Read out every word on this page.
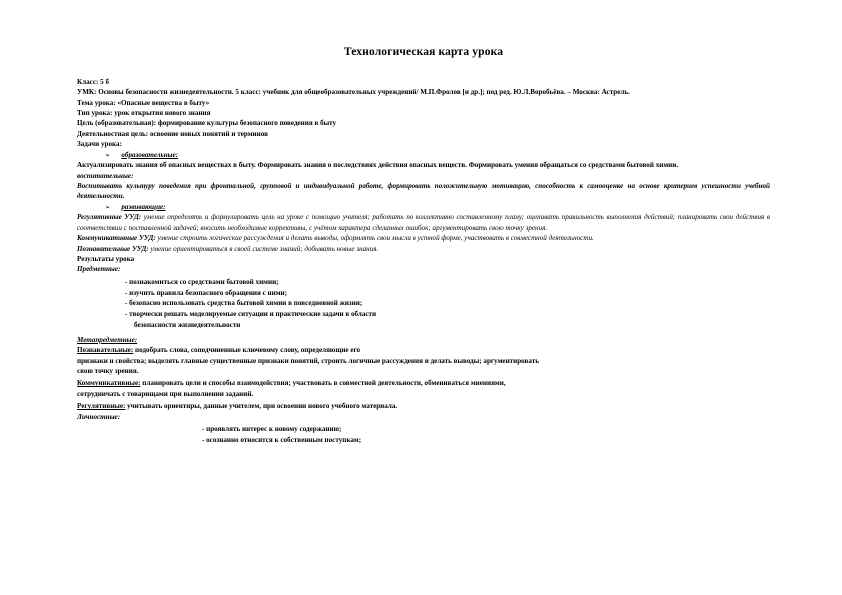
Технологическая карта урока

Класс: 5 б

УМК: Основы безопасности жизнедеятельности. 5 класс: учебник для общеобразовательных учреждений/ М.П.Фролов [и др.]; под ред. Ю.Л.Воробьёва. – Москва: Астрель.

Тема урока: «Опасные вещества в быту»

Тип урока: урок открытия нового знания

Цель (образовательная): формирование культуры безопасного поведения в быту

Деятельностная цель: освоение новых понятий и терминов

Задачи урока:

➢ образовательные:

Актуализировать знания об опасных веществах в быту. Формировать знания о последствиях действия опасных веществ. Формировать умения обращаться со средствами бытовой химии.

воспитательные:

Воспитывать культуру поведения при фронтальной, групповой и индивидуальной работе, формировать положительную мотивацию, способность к самооценке на основе критериев успешности учебной деятельности.

➢ развивающие:

Регулятивные УУД: умение определять и формулировать цель на уроке с помощью учителя; работать по коллективно составленному плану; оценивать правильность выполнения действий; планировать свои действия в соответствии с поставленной задачей; вносить необходимые коррективы, с учётом характера сделанных ошибок; аргументировать свою точку зрения.

Коммуникативные УУД: умение строить логические рассуждения и делать выводы, оформлять свои мысли в устной форме, участвовать в совместной деятельности.

Познавательные УУД: умение ориентироваться в своей системе знаний; добывать новые знания.

Результаты урока

Предметные:

- познакомиться со средствами бытовой химии;

- изучить правила безопасного обращения с ними;

- безопасно использовать средства бытовой химии в повседневной жизни;

- творчески решать моделируемые ситуации и практические задачи в области

безопасности жизнедеятельности

Метапредметные:

Познавательные: подобрать слова, соподчиненные ключевому слову, определяющие его

признаки и свойства; выделять главные существенные признаки понятий, строить логичные рассуждения и делать выводы; аргументировать

свою точку зрения.

Коммуникативные: планировать цели и способы взаимодействия; участвовать в совместной деятельности, обмениваться мнениями,

сотрудничать с товарищами при выполнении заданий.

Регулятивные: учитывать ориентиры, данные учителем, при освоении нового учебного материала.

Личностные:

- проявлять интерес к новому содержанию;

- осознанно относится к собственным поступкам;
